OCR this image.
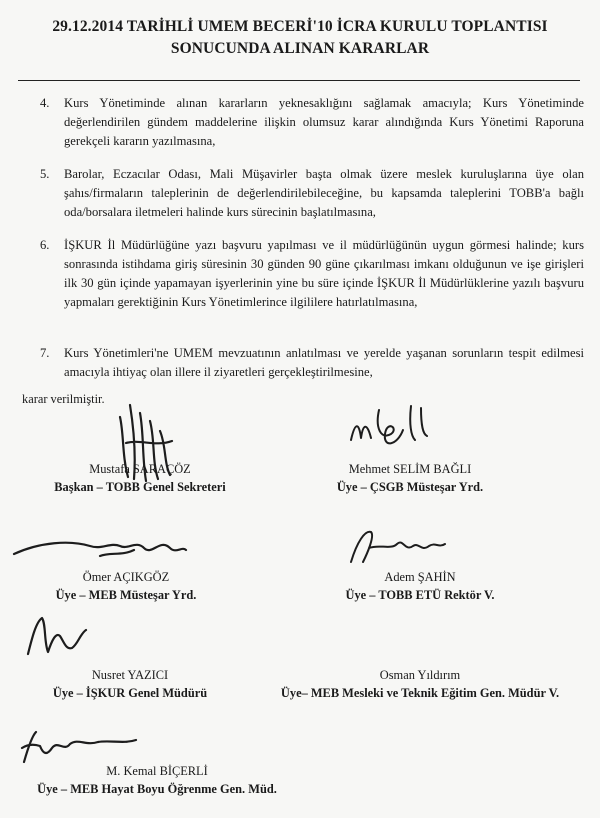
29.12.2014 TARİHLİ UMEM BECERİ'10 İCRA KURULU TOPLANTISI
SONUCUNDA ALINAN KARARLAR
4.	Kurs Yönetiminde alınan kararların yeknesaklığını sağlamak amacıyla; Kurs Yönetiminde değerlendirilen gündem maddelerine ilişkin olumsuz karar alındığında Kurs Yönetimi Raporuna gerekçeli kararın yazılmasına,
5.	Barolar, Eczacılar Odası, Mali Müşavirler başta olmak üzere meslek kuruluşlarına üye olan şahıs/firmaların taleplerinin de değerlendirilebileceğine, bu kapsamda taleplerini TOBB'a bağlı oda/borsalara iletmeleri halinde kurs sürecinin başlatılmasına,
6.	İŞKUR İl Müdürlüğüne yazı başvuru yapılması ve il müdürlüğünün uygun görmesi halinde; kurs sonrasında istihdama giriş süresinin 30 günden 90 güne çıkarılması imkanı olduğunun ve işe girişleri ilk 30 gün içinde yapamayan işyerlerinin yine bu süre içinde İŞKUR İl Müdürlüklerine yazılı başvuru yapmaları gerektiğinin Kurs Yönetimlerince ilgililere hatırlatılmasına,
7.	Kurs Yönetimleri'ne UMEM mevzuatının anlatılması ve yerelde yaşanan sorunların tespit edilmesi amacıyla ihtiyaç olan illere il ziyaretleri gerçekleştirilmesine,
karar verilmiştir.
Mustafa SARAÇÖZ
Başkan – TOBB Genel Sekreteri
Mehmet SELİM BAĞLI
Üye – ÇSGB Müsteşar Yrd.
Ömer AÇIKGÖZ
Üye – MEB Müsteşar Yrd.
Adem ŞAHİN
Üye – TOBB ETÜ Rektör V.
Nusret YAZICI
Üye – İŞKUR Genel Müdürü
Osman Yıldırım
Üye– MEB Mesleki ve Teknik Eğitim Gen. Müdür V.
M. Kemal BİÇERLİ
Üye – MEB Hayat Boyu Öğrenme Gen. Müd.
